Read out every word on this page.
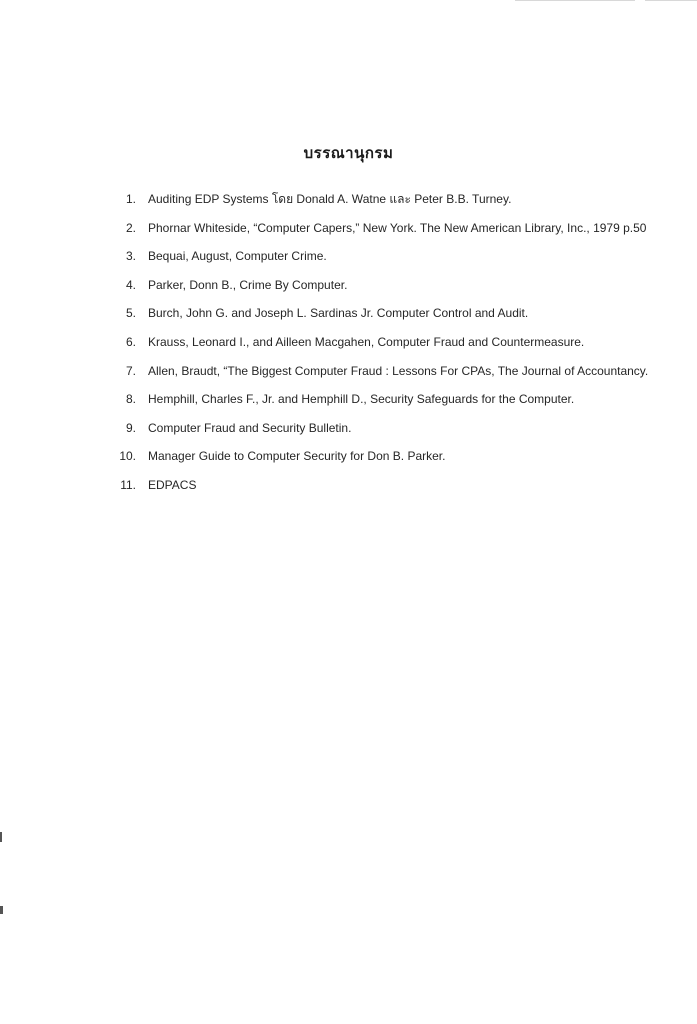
บรรณานุกรม
1. Auditing EDP Systems โดย Donald A. Watne และ Peter B.B. Turney.
2. Phornar Whiteside, “Computer Capers,” New York. The New American Library, Inc., 1979 p.50
3. Bequai, August, Computer Crime.
4. Parker, Donn B., Crime By Computer.
5. Burch, John G. and Joseph L. Sardinas Jr. Computer Control and Audit.
6. Krauss, Leonard I., and Ailleen Macgahen, Computer Fraud and Countermeasure.
7. Allen, Braudt, “The Biggest Computer Fraud : Lessons For CPAs, The Journal of Accountancy.
8. Hemphill, Charles F., Jr. and Hemphill D., Security Safeguards for the Computer.
9. Computer Fraud and Security Bulletin.
10. Manager Guide to Computer Security for Don B. Parker.
11. EDPACS
